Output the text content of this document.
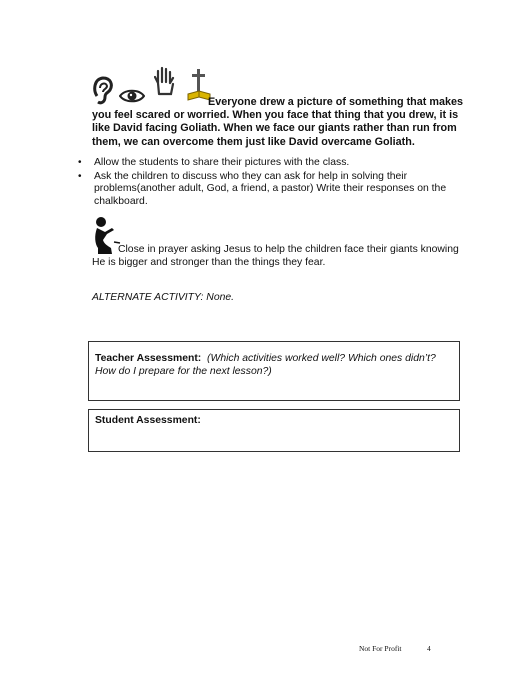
Everyone drew a picture of something that makes you feel scared or worried. When you face that thing that you drew, it is like David facing Goliath. When we face our giants rather than run from them, we can overcome them just like David overcame Goliath.
• Allow the students to share their pictures with the class.
• Ask the children to discuss who they can ask for help in solving their problems(another adult, God, a friend, a pastor) Write their responses on the chalkboard.
Close in prayer asking Jesus to help the children face their giants knowing He is bigger and stronger than the things they fear.
ALTERNATE ACTIVITY: None.
Teacher Assessment: (Which activities worked well? Which ones didn’t? How do I prepare for the next lesson?)
Student Assessment:
Not For Profit	4
